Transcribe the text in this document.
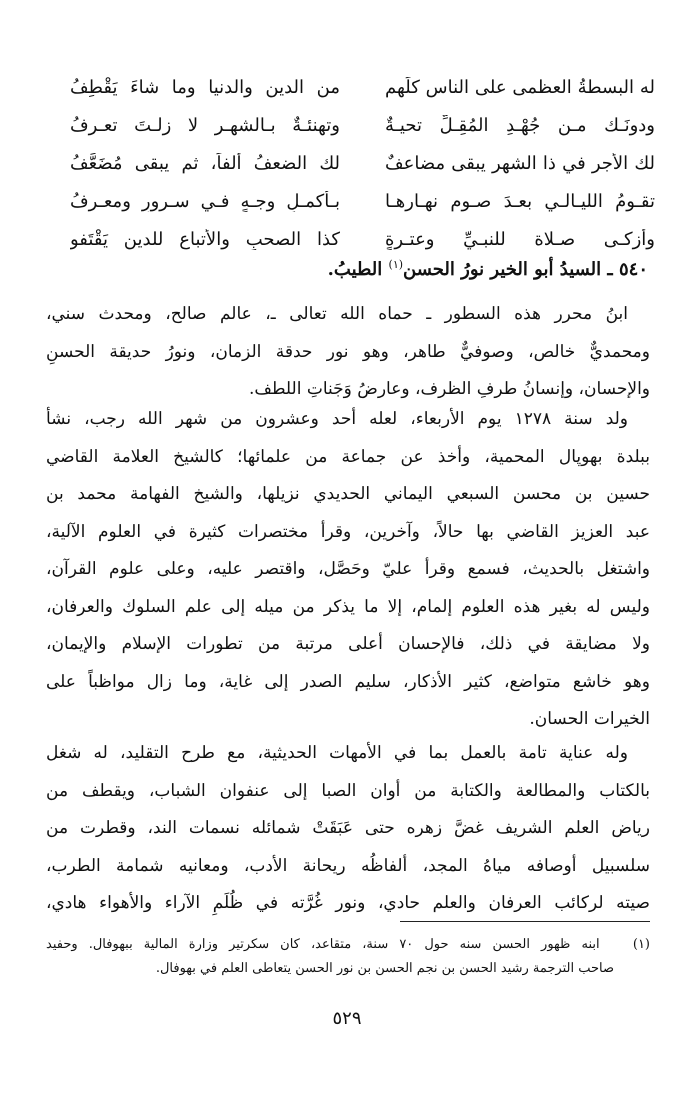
له البسطةُ العظمى على الناس كلِّهم
من الدين والدنيا وما شاءَ يَقْطِفُ
ودونَـك مـن جُهْـدِ المُقِـلِّ تحيـةٌ
وتهنئـةٌ بـالشهـر لا زلـتَ تعـرفُ
لك الأجر في ذا الشهر يبقى مضاعفٌ
لك الضعفُ ألفاً، ثم يبقى مُضَعَّفُ
تقـومُ الليـالـي بعـدَ صـوم نهـارهـا
بـأكمـلِ وجـهٍ فـي سـرورٍ ومعـرفُ
وأزكـى صـلاة للنبـيِّ وعتـرةٍ
كذا الصحبِ والأتباعِ للدينِ يَقْتَفو
٥٤٠ ـ السيدُ أبو الخير نورُ الحسن$^{(١)}$ الطيبُ.
ابنُ محرر هذه السطور ـ حماه الله تعالى ـ، عالم صالح، ومحدث سني،
ومحمديٌّ خالص، وصوفيٌّ طاهر، وهو نور حدقة الزمان، ونورُ حديقة الحسنِ
والإحسان، وإنسانُ طرفِ الظرف، وعارضُ وَجَناتِ اللطف.
ولد سنة ١٢٧٨ يوم الأربعاء، لعله أحد وعشرون من شهر الله رجب، نشأ
ببلدة بهوپال المحمية، وأخذ عن جماعة من علمائها؛ كالشيخ العلامة القاضي
حسين بن محسن السبعي اليماني الحديدي نزيلها، والشيخ الفهامة محمد بن
عبد العزيز القاضي بها حالاً، وآخرين، وقرأ مختصرات كثيرة في العلوم الآلية،
واشتغل بالحديث، فسمع وقرأ عليّ وحَصَّل، واقتصر عليه، وعلى علوم القرآن،
وليس له بغير هذه العلوم إلمام، إلا ما يذكر من ميله إلى علم السلوك والعرفان،
ولا مضايقة في ذلك، فالإحسان أعلى مرتبة من تطورات الإسلام والإيمان،
وهو خاشع متواضع، كثير الأذكار، سليم الصدر إلى غاية، وما زال مواظباً على
الخيرات الحسان.
وله عناية تامة بالعمل بما في الأمهات الحديثية، مع طرح التقليد، له شغل
بالكتاب والمطالعة والكتابة من أوان الصبا إلى عنفوان الشباب، ويقطف من
رياض العلم الشريف غضَّ زهره حتى عَبَقَتْ شمائله نسمات الند، وقطرت من
سلسبيل أوصافه مياهُ المجد، ألفاظُه ريحانة الأدب، ومعانيه شمامة الطرب،
صيته لركائب العرفان والعلم حادي، ونور غُرَّته في ظُلَمِ الآراء والأهواء هادي،
(١)   ابنه ظهور الحسن سنه حول ٧٠ سنة، متقاعد، كان سكرتير وزارة المالية ببهوفال. وحفيد
صاحب الترجمة رشيد الحسن بن نجم الحسن بن نور الحسن يتعاطى العلم في بهوفال.
٥٢٩
